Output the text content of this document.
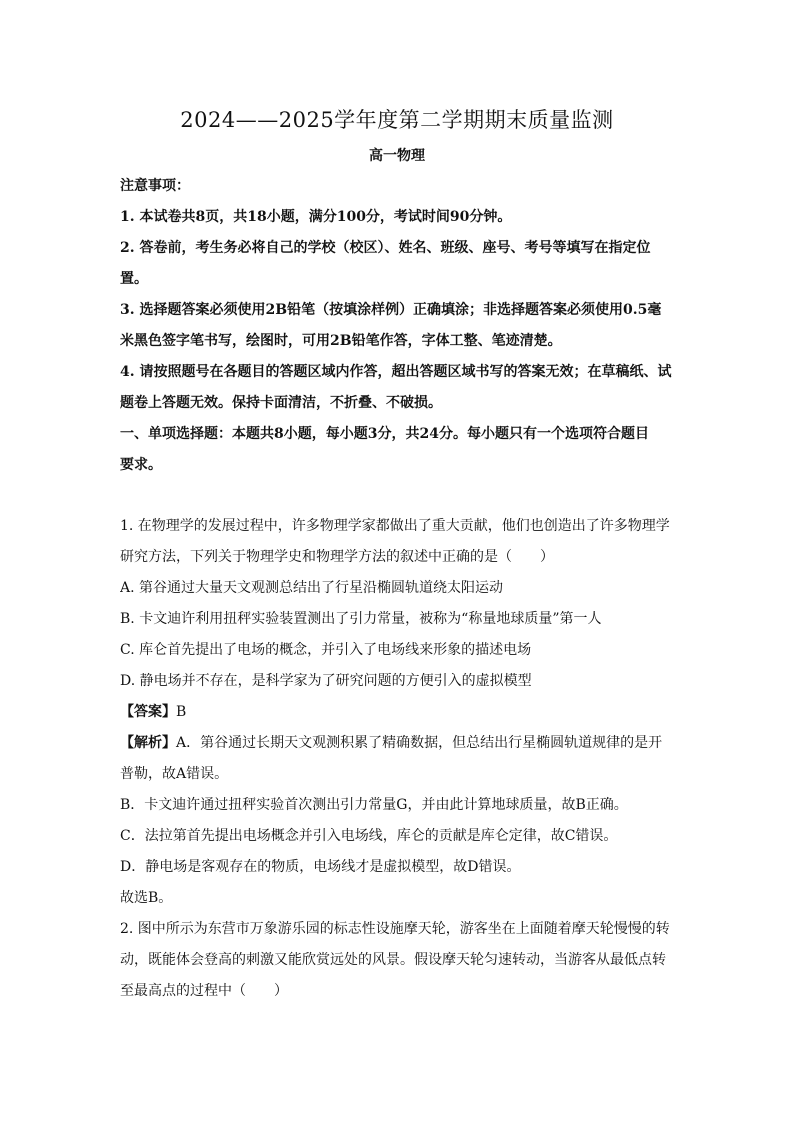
2024——2025学年度第二学期期末质量监测
高一物理
注意事项：
1. 本试卷共8页，共18小题，满分100分，考试时间90分钟。
2. 答卷前，考生务必将自己的学校（校区）、姓名、班级、座号、考号等填写在指定位
置。
3. 选择题答案必须使用2B铅笔（按填涂样例）正确填涂；非选择题答案必须使用0.5毫
米黑色签字笔书写，绘图时，可用2B铅笔作答，字体工整、笔迹清楚。
4. 请按照题号在各题目的答题区域内作答，超出答题区域书写的答案无效；在草稿纸、试
题卷上答题无效。保持卡面清洁，不折叠、不破损。
一、单项选择题：本题共8小题，每小题3分，共24分。每小题只有一个选项符合题目
要求。
1. 在物理学的发展过程中，许多物理学家都做出了重大贡献，他们也创造出了许多物理学
研究方法，下列关于物理学史和物理学方法的叙述中正确的是（　　）
A. 第谷通过大量天文观测总结出了行星沿椭圆轨道绕太阳运动
B. 卡文迪许利用扭秤实验装置测出了引力常量，被称为“称量地球质量”第一人
C. 库仑首先提出了电场的概念，并引入了电场线来形象的描述电场
D. 静电场并不存在，是科学家为了研究问题的方便引入的虚拟模型
【答案】B
【解析】A．第谷通过长期天文观测积累了精确数据，但总结出行星椭圆轨道规律的是开
普勒，故A错误。
B．卡文迪许通过扭秤实验首次测出引力常量G，并由此计算地球质量，故B正确。
C．法拉第首先提出电场概念并引入电场线，库仑的贡献是库仑定律，故C错误。
D．静电场是客观存在的物质，电场线才是虚拟模型，故D错误。
故选B。
2. 图中所示为东营市万象游乐园的标志性设施摩天轮，游客坐在上面随着摩天轮慢慢的转
动，既能体会登高的刺激又能欣赏远处的风景。假设摩天轮匀速转动，当游客从最低点转
至最高点的过程中（　　）
